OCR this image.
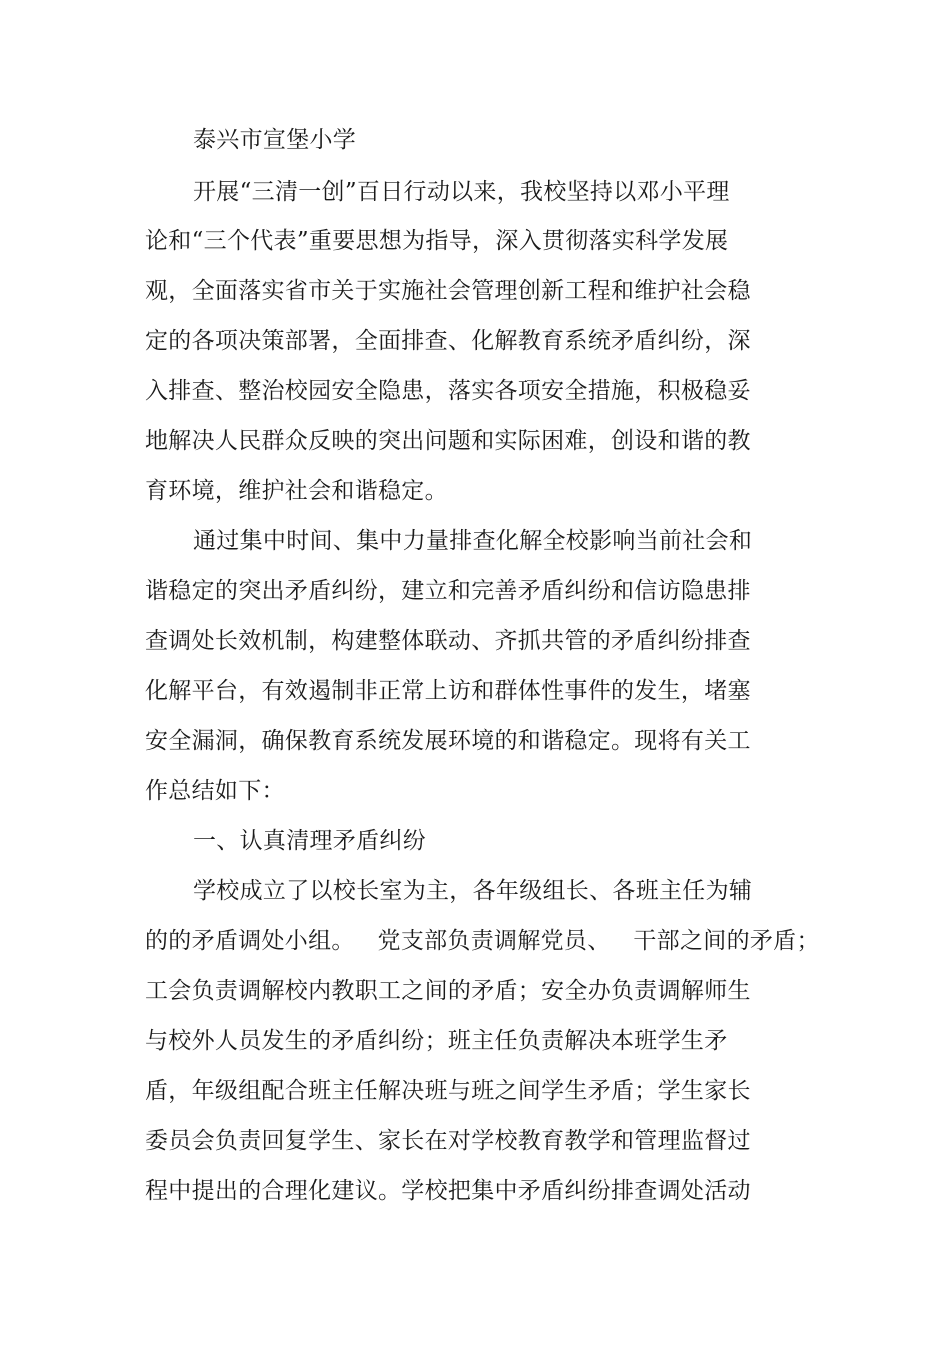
泰兴市宣堡小学
开展“三清一创”百日行动以来，我校坚持以邓小平理
论和“三个代表”重要思想为指导，深入贯彻落实科学发展
观，全面落实省市关于实施社会管理创新工程和维护社会稳
定的各项决策部署，全面排查、化解教育系统矛盾纠纷，深
入排查、整治校园安全隐患，落实各项安全措施，积极稳妥
地解决人民群众反映的突出问题和实际困难，创设和谐的教
育环境，维护社会和谐稳定。
通过集中时间、集中力量排查化解全校影响当前社会和
谐稳定的突出矛盾纠纷，建立和完善矛盾纠纷和信访隐患排
查调处长效机制，构建整体联动、齐抓共管的矛盾纠纷排查
化解平台，有效遏制非正常上访和群体性事件的发生，堵塞
安全漏洞，确保教育系统发展环境的和谐稳定。现将有关工
作总结如下：
一、认真清理矛盾纠纷
学校成立了以校长室为主，各年级组长、各班主任为辅
的的矛盾调处小组。   党支部负责调解党员、   干部之间的矛盾；
工会负责调解校内教职工之间的矛盾；安全办负责调解师生
与校外人员发生的矛盾纠纷；班主任负责解决本班学生矛
盾，年级组配合班主任解决班与班之间学生矛盾；学生家长
委员会负责回复学生、家长在对学校教育教学和管理监督过
程中提出的合理化建议。学校把集中矛盾纠纷排查调处活动
